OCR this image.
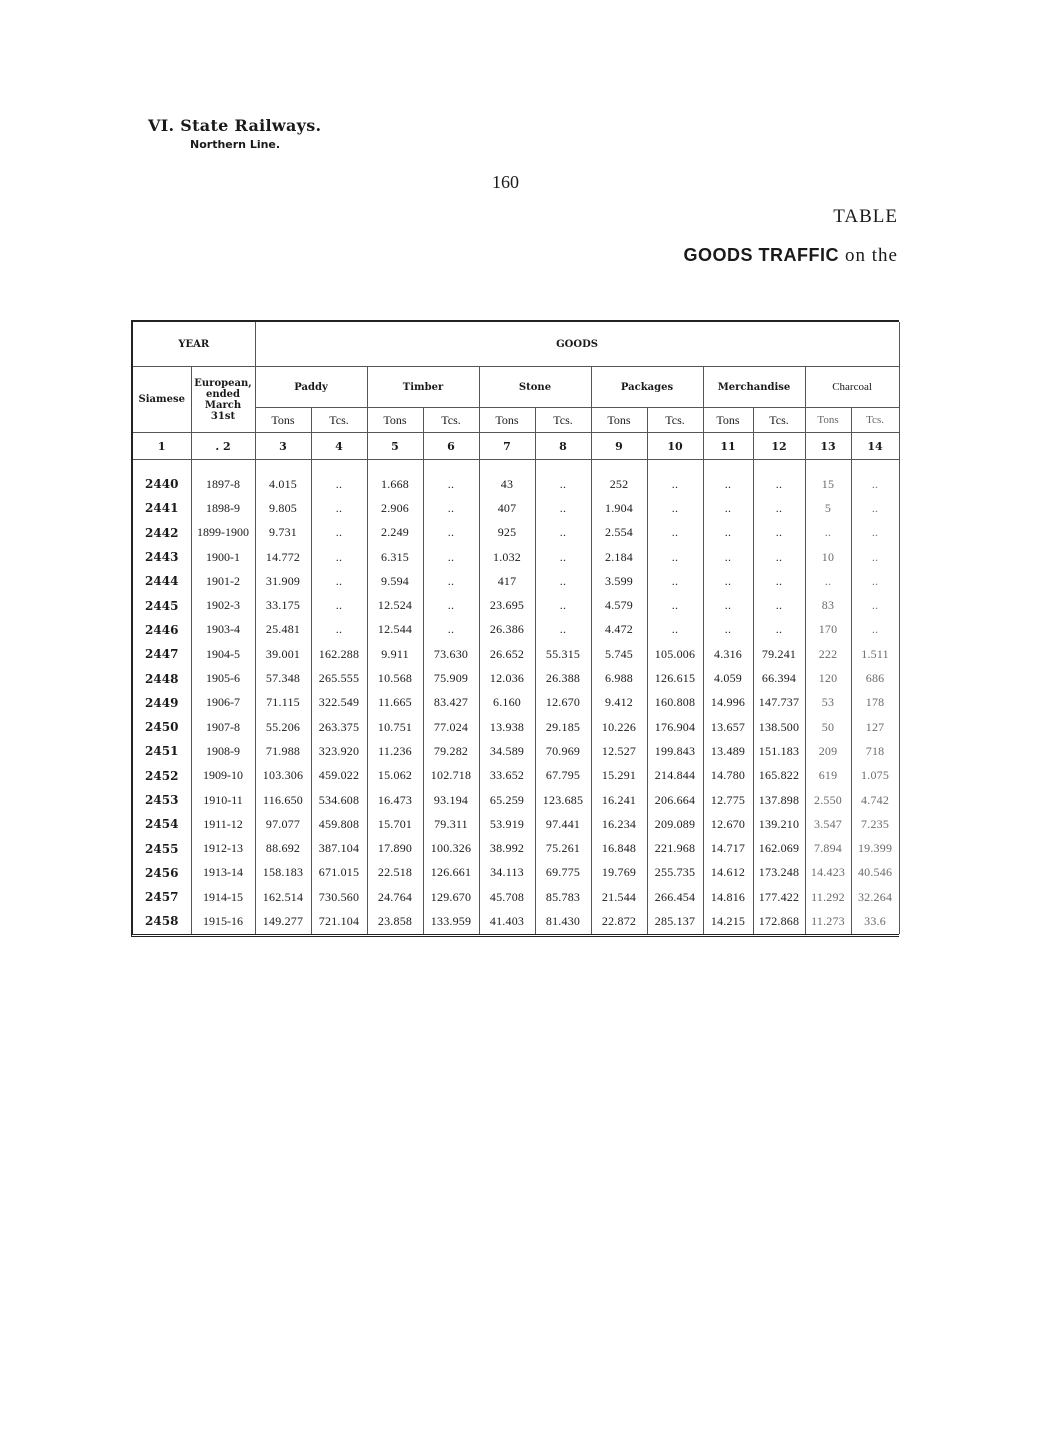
VI. State Railways.
Northern Line.
160
TABLE
GOODS TRAFFIC on the
YEAR		GOODS											
Siamese	European, ended March 31st	Paddy		Timber		Stone		Packages		Merchandise		Charcoal	
		Tons	Tcs.	Tons	Tcs.	Tons	Tcs.	Tons	Tcs.	Tons	Tcs.	Tons	Tcs.
1	. 2	3	4	5	6	7	8	9	10	11	12	13	14

2440	1897-8	4.015	..	1.668	..	43	..	252	..	..	..	15	..
2441	1898-9	9.805	..	2.906	..	407	..	1.904	..	..	..	5	..
2442	1899-1900	9.731	..	2.249	..	925	..	2.554	..	..	..	..	..
2443	1900-1	14.772	..	6.315	..	1.032	..	2.184	..	..	..	10	..
2444	1901-2	31.909	..	9.594	..	417	..	3.599	..	..	..	..	..
2445	1902-3	33.175	..	12.524	..	23.695	..	4.579	..	..	..	83	..
2446	1903-4	25.481	..	12.544	..	26.386	..	4.472	..	..	..	170	..
2447	1904-5	39.001	162.288	9.911	73.630	26.652	55.315	5.745	105.006	4.316	79.241	222	1.511
2448	1905-6	57.348	265.555	10.568	75.909	12.036	26.388	6.988	126.615	4.059	66.394	120	686
2449	1906-7	71.115	322.549	11.665	83.427	6.160	12.670	9.412	160.808	14.996	147.737	53	178
2450	1907-8	55.206	263.375	10.751	77.024	13.938	29.185	10.226	176.904	13.657	138.500	50	127
2451	1908-9	71.988	323.920	11.236	79.282	34.589	70.969	12.527	199.843	13.489	151.183	209	718
2452	1909-10	103.306	459.022	15.062	102.718	33.652	67.795	15.291	214.844	14.780	165.822	619	1.075
2453	1910-11	116.650	534.608	16.473	93.194	65.259	123.685	16.241	206.664	12.775	137.898	2.550	4.742
2454	1911-12	97.077	459.808	15.701	79.311	53.919	97.441	16.234	209.089	12.670	139.210	3.547	7.235
2455	1912-13	88.692	387.104	17.890	100.326	38.992	75.261	16.848	221.968	14.717	162.069	7.894	19.399
2456	1913-14	158.183	671.015	22.518	126.661	34.113	69.775	19.769	255.735	14.612	173.248	14.423	40.546
2457	1914-15	162.514	730.560	24.764	129.670	45.708	85.783	21.544	266.454	14.816	177.422	11.292	32.264
2458	1915-16	149.277	721.104	23.858	133.959	41.403	81.430	22.872	285.137	14.215	172.868	11.273	33.6
